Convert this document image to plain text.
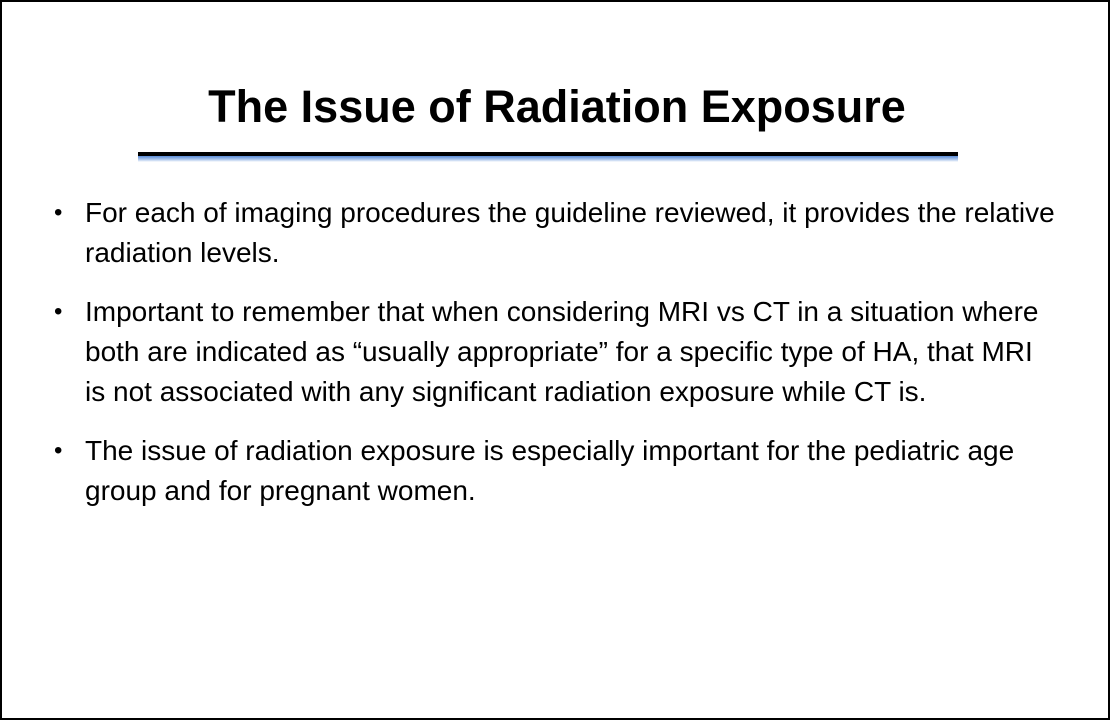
The Issue of Radiation Exposure
• For each of imaging procedures the guideline reviewed, it provides the relative radiation levels.
• Important to remember that when considering MRI vs CT in a situation where both are indicated as “usually appropriate” for a specific type of HA, that MRI is not associated with any significant radiation exposure while CT is.
• The issue of radiation exposure is especially important for the pediatric age group and for pregnant women.
